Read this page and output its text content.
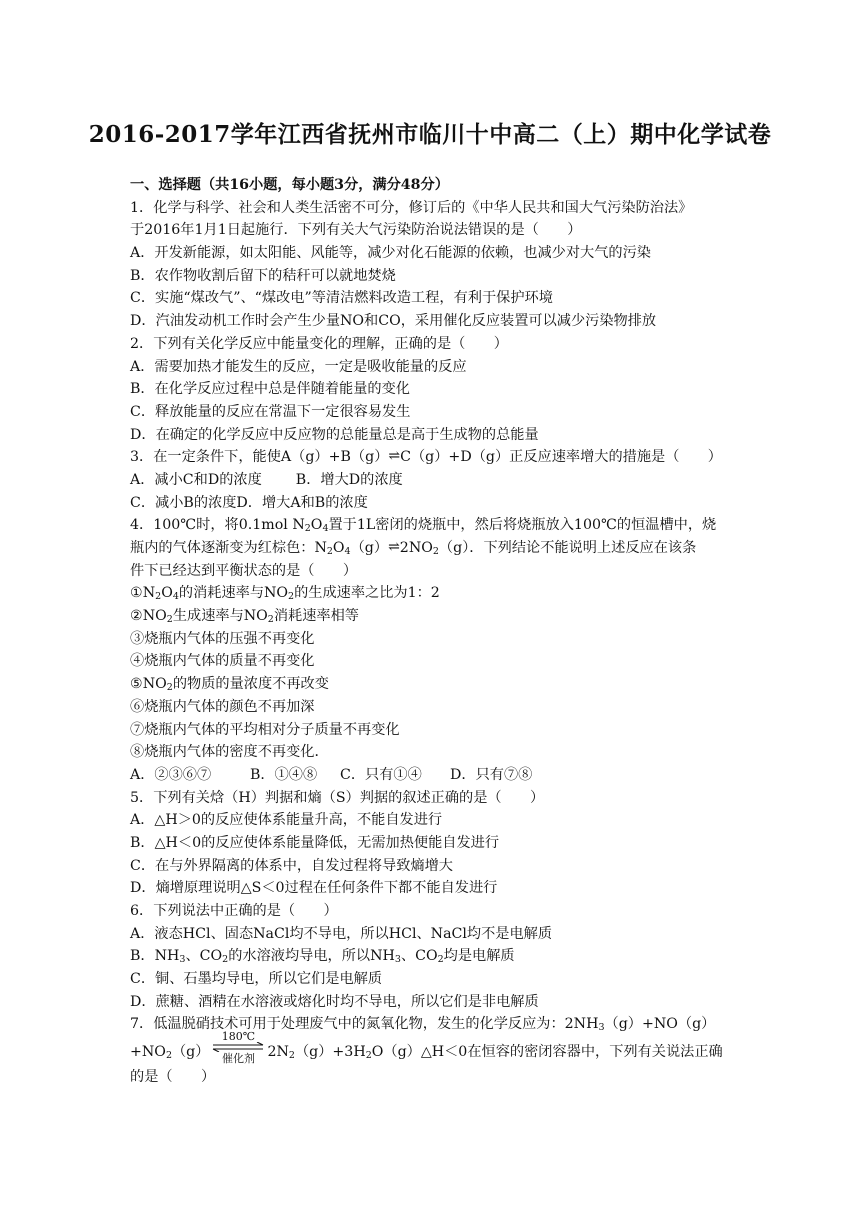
2016-2017学年江西省抚州市临川十中高二（上）期中化学试卷
一、选择题（共16小题，每小题3分，满分48分）
1．化学与科学、社会和人类生活密不可分，修订后的《中华人民共和国大气污染防治法》
于2016年1月1日起施行．下列有关大气污染防治说法错误的是（　　）
A．开发新能源，如太阳能、风能等，减少对化石能源的依赖，也减少对大气的污染
B．农作物收割后留下的秸秆可以就地焚烧
C．实施“煤改气”、“煤改电”等清洁燃料改造工程，有利于保护环境
D．汽油发动机工作时会产生少量NO和CO，采用催化反应装置可以减少污染物排放
2．下列有关化学反应中能量变化的理解，正确的是（　　）
A．需要加热才能发生的反应，一定是吸收能量的反应
B．在化学反应过程中总是伴随着能量的变化
C．释放能量的反应在常温下一定很容易发生
D．在确定的化学反应中反应物的总能量总是高于生成物的总能量
3．在一定条件下，能使A（g）+B（g）⇌C（g）+D（g）正反应速率增大的措施是（　　）
A．减小C和D的浓度 B．增大D的浓度
C．减小B的浓度D．增大A和B的浓度
4．100℃时，将0.1mol $N_2O_4$置于1L密闭的烧瓶中，然后将烧瓶放入100℃的恒温槽中，烧
瓶内的气体逐渐变为红棕色：$N_2O_4(g)\rightleftharpoons 2NO_2(g)$．下列结论不能说明上述反应在该条
件下已经达到平衡状态的是（　　）
$①N_2O_4$的消耗速率与$NO_2$的生成速率之比为1：2
$②NO_2$生成速率与$NO_2$消耗速率相等
③烧瓶内气体的压强不再变化
④烧瓶内气体的质量不再变化
$⑤NO_2$的物质的量浓度不再改变
⑥烧瓶内气体的颜色不再加深
⑦烧瓶内气体的平均相对分子质量不再变化
⑧烧瓶内气体的密度不再变化．
A．②③⑥⑦	B．①④⑧ C．只有①④ D．只有⑦⑧
5．下列有关焓（H）判据和熵（S）判据的叙述正确的是（　　）
A．△H＞0的反应使体系能量升高，不能自发进行
B．△H＜0的反应使体系能量降低，无需加热便能自发进行
C．在与外界隔离的体系中，自发过程将导致熵增大
D．熵增原理说明△S＜0过程在任何条件下都不能自发进行
6．下列说法中正确的是（　　）
A．液态HCl、固态NaCl均不导电，所以HCl、NaCl均不是电解质
B．$NH_3$、$CO_2$的水溶液均导电，所以$NH_3$、$CO_2$均是电解质
C．铜、石墨均导电，所以它们是电解质
D．蔗糖、酒精在水溶液或熔化时均不导电，所以它们是非电解质
7．低温脱硝技术可用于处理废气中的氮氧化物，发生的化学反应为：$2NH_3(g)+NO(g)$
$+NO_2(g)$
180℃
催化剂 $2N_2(g)+3H_2O(g)\triangle H<0$在恒容的密闭容器中，下列有关说法正确
的是（　　）
